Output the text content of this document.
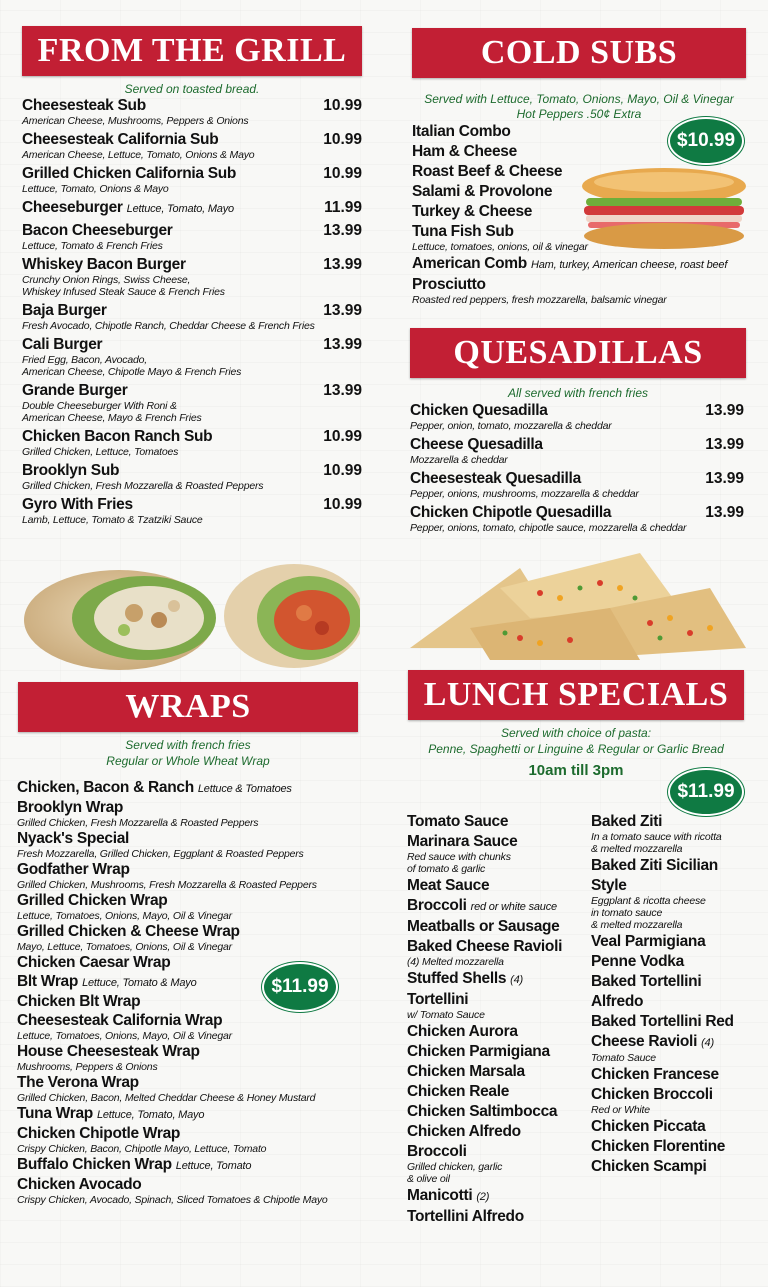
FROM THE GRILL
Served on toasted bread.
Cheesesteak Sub
American Cheese, Mushrooms, Peppers & Onions
10.99
Cheesesteak California Sub
American Cheese, Lettuce, Tomato, Onions & Mayo
10.99
Grilled Chicken California Sub
Lettuce, Tomato, Onions & Mayo
10.99
Cheeseburger Lettuce, Tomato, Mayo	11.99
Bacon Cheeseburger
Lettuce, Tomato & French Fries
13.99
Whiskey Bacon Burger
Crunchy Onion Rings, Swiss Cheese,
Whiskey Infused Steak Sauce & French Fries
13.99
Baja Burger
Fresh Avocado, Chipotle Ranch, Cheddar Cheese & French Fries
13.99
Cali Burger
Fried Egg, Bacon, Avocado,
American Cheese, Chipotle Mayo & French Fries
13.99
Grande Burger
Double Cheeseburger With Roni &
American Cheese, Mayo & French Fries
13.99
Chicken Bacon Ranch Sub
Grilled Chicken, Lettuce, Tomatoes
10.99
Brooklyn Sub
Grilled Chicken, Fresh Mozzarella & Roasted Peppers
10.99
Gyro With Fries
Lamb, Lettuce, Tomato & Tzatziki Sauce
10.99
WRAPS
Served with french fries
Regular or Whole Wheat Wrap
Chicken, Bacon & Ranch Lettuce & Tomatoes
Brooklyn Wrap
Grilled Chicken, Fresh Mozzarella & Roasted Peppers
Nyack's Special
Fresh Mozzarella, Grilled Chicken, Eggplant & Roasted Peppers
Godfather Wrap
Grilled Chicken, Mushrooms, Fresh Mozzarella & Roasted Peppers
Grilled Chicken Wrap
Lettuce, Tomatoes, Onions, Mayo, Oil & Vinegar
Grilled Chicken & Cheese Wrap
Mayo, Lettuce, Tomatoes, Onions, Oil & Vinegar
Chicken Caesar Wrap
Blt Wrap Lettuce, Tomato & Mayo
Chicken Blt Wrap
Cheesesteak California Wrap
Lettuce, Tomatoes, Onions, Mayo, Oil & Vinegar
House Cheesesteak Wrap
Mushrooms, Peppers & Onions
The Verona Wrap
Grilled Chicken, Bacon, Melted Cheddar Cheese & Honey Mustard
Tuna Wrap Lettuce, Tomato, Mayo
Chicken Chipotle Wrap
Crispy Chicken, Bacon, Chipotle Mayo, Lettuce, Tomato
Buffalo Chicken Wrap Lettuce, Tomato
Chicken Avocado
Crispy Chicken, Avocado, Spinach, Sliced Tomatoes & Chipotle Mayo
$11.99
COLD SUBS
Served with Lettuce, Tomato, Onions, Mayo, Oil & Vinegar
Hot Peppers .50¢ Extra
Italian Combo
Ham & Cheese
Roast Beef & Cheese
Salami & Provolone
Turkey & Cheese
Tuna Fish Sub
Lettuce, tomatoes, onions, oil & vinegar
American Comb Ham, turkey, American cheese, roast beef
Prosciutto
Roasted red peppers, fresh mozzarella, balsamic vinegar
$10.99
QUESADILLAS
All served with french fries
Chicken Quesadilla
Pepper, onion, tomato, mozzarella & cheddar
13.99
Cheese Quesadilla
Mozzarella & cheddar
13.99
Cheesesteak Quesadilla
Pepper, onions, mushrooms, mozzarella & cheddar
13.99
Chicken Chipotle Quesadilla
Pepper, onions, tomato, chipotle sauce, mozzarella & cheddar
13.99
LUNCH SPECIALS
Served with choice of pasta:
Penne, Spaghetti or Linguine & Regular or Garlic Bread
10am till 3pm
$11.99
Tomato Sauce
Marinara Sauce
Red sauce with chunks
of tomato & garlic
Meat Sauce
Broccoli red or white sauce
Meatballs or Sausage
Baked Cheese Ravioli
(4) Melted mozzarella
Stuffed Shells (4)
Tortellini
w/ Tomato Sauce
Chicken Aurora
Chicken Parmigiana
Chicken Marsala
Chicken Reale
Chicken Saltimbocca
Chicken Alfredo
Broccoli
Grilled chicken, garlic
& olive oil
Manicotti (2)
Tortellini Alfredo
Baked Ziti
In a tomato sauce with ricotta
& melted mozzarella
Baked Ziti Sicilian
Style
Eggplant & ricotta cheese
in tomato sauce
& melted mozzarella
Veal Parmigiana
Penne Vodka
Baked Tortellini
Alfredo
Baked Tortellini Red
Cheese Ravioli (4)
Tomato Sauce
Chicken Francese
Chicken Broccoli
Red or White
Chicken Piccata
Chicken Florentine
Chicken Scampi
